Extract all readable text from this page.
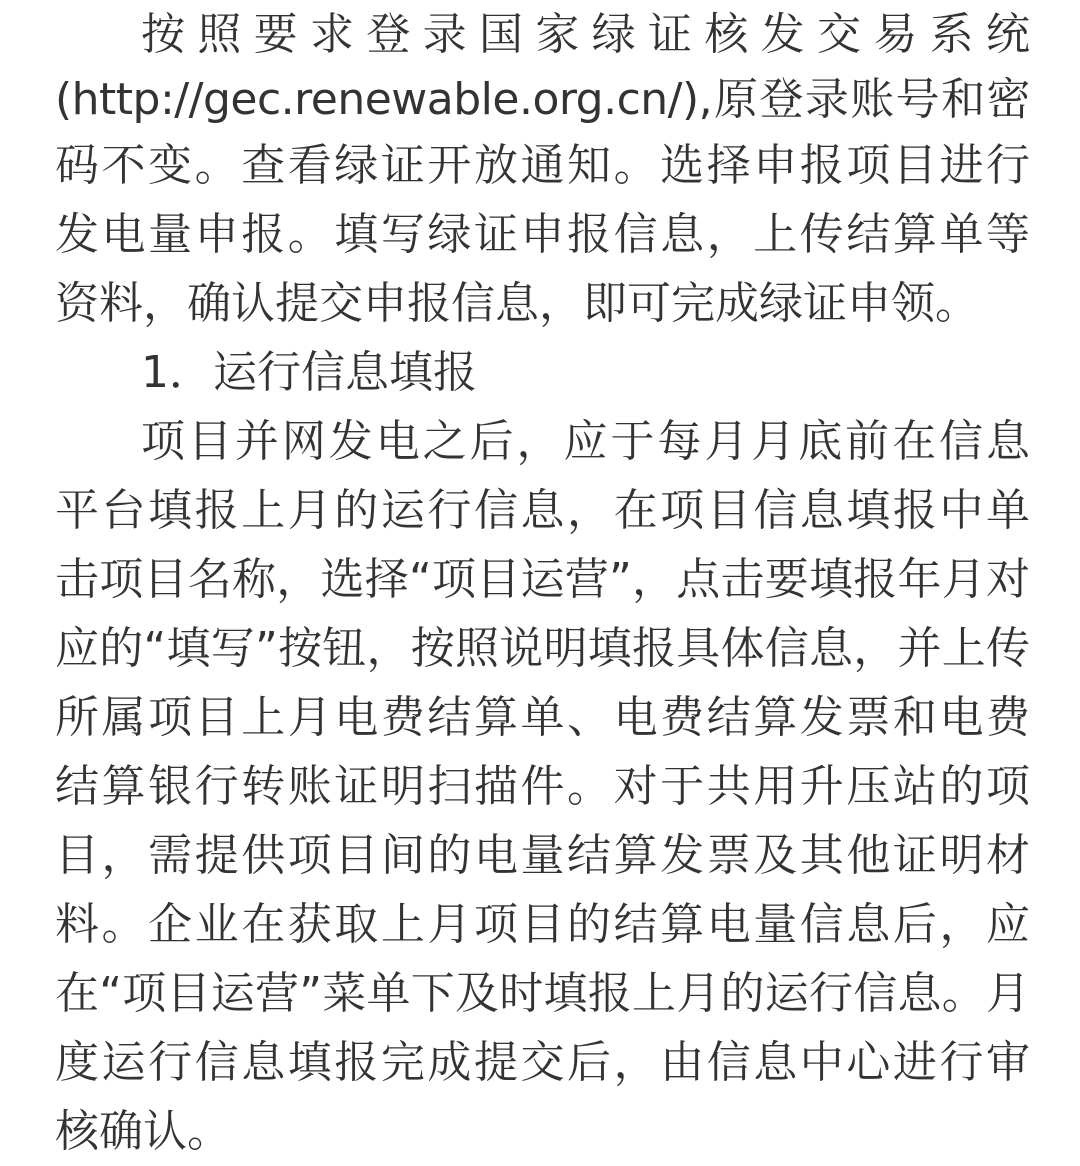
按照要求登录国家绿证核发交易系统
(http://gec.renewable.org.cn/),原登录账号和密
码不变。查看绿证开放通知。选择申报项目进行
发电量申报。填写绿证申报信息，上传结算单等
资料，确认提交申报信息，即可完成绿证申领。
1．运行信息填报
项目并网发电之后，应于每月月底前在信息
平台填报上月的运行信息，在项目信息填报中单
击项目名称，选择“项目运营”，点击要填报年月对
应的“填写”按钮，按照说明填报具体信息，并上传
所属项目上月电费结算单、电费结算发票和电费
结算银行转账证明扫描件。对于共用升压站的项
目，需提供项目间的电量结算发票及其他证明材
料。企业在获取上月项目的结算电量信息后，应
在“项目运营”菜单下及时填报上月的运行信息。月
度运行信息填报完成提交后，由信息中心进行审
核确认。
